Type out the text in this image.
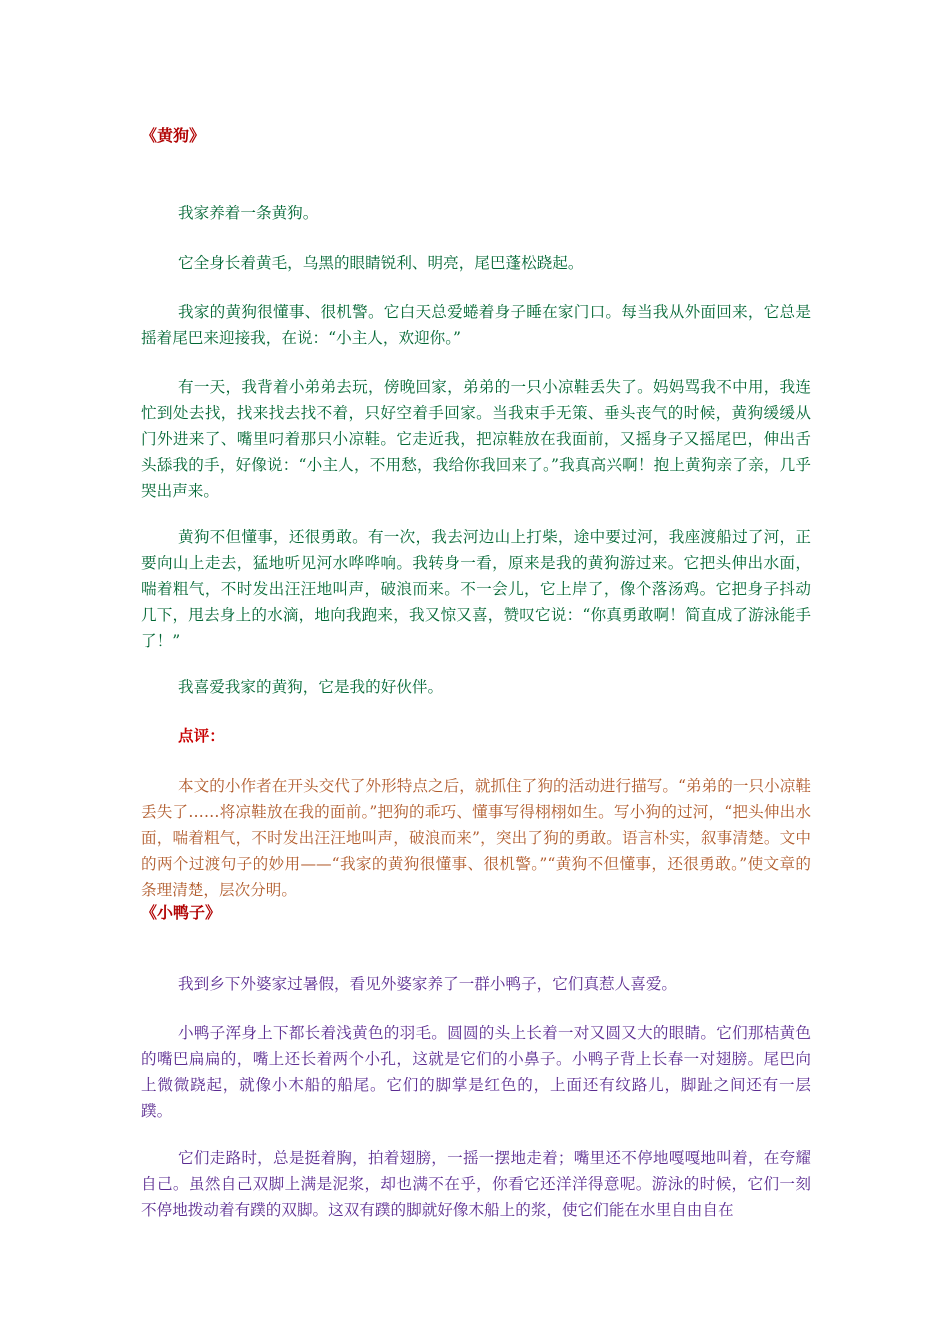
《黄狗》

我家养着一条黄狗。

它全身长着黄毛，乌黑的眼睛锐利、明亮，尾巴蓬松跷起。

我家的黄狗很懂事、很机警。它白天总爱蜷着身子睡在家门口。每当我从外面回来，它总是摇着尾巴来迎接我，在说：“小主人，欢迎你。”

有一天，我背着小弟弟去玩，傍晚回家，弟弟的一只小凉鞋丢失了。妈妈骂我不中用，我连忙到处去找，找来找去找不着，只好空着手回家。当我束手无策、垂头丧气的时候，黄狗缓缓从门外进来了、嘴里叼着那只小凉鞋。它走近我，把凉鞋放在我面前，又摇身子又摇尾巴，伸出舌头舔我的手，好像说：“小主人，不用愁，我给你我回来了。”我真高兴啊！抱上黄狗亲了亲，几乎哭出声来。

黄狗不但懂事，还很勇敢。有一次，我去河边山上打柴，途中要过河，我座渡船过了河，正要向山上走去，猛地听见河水哗哗响。我转身一看，原来是我的黄狗游过来。它把头伸出水面，喘着粗气，不时发出汪汪地叫声，破浪而来。不一会儿，它上岸了，像个落汤鸡。它把身子抖动几下，甩去身上的水滴，地向我跑来，我又惊又喜，赞叹它说：“你真勇敢啊！简直成了游泳能手了！”

我喜爱我家的黄狗，它是我的好伙伴。

点评：

本文的小作者在开头交代了外形特点之后，就抓住了狗的活动进行描写。“弟弟的一只小凉鞋丢失了……将凉鞋放在我的面前。”把狗的乖巧、懂事写得栩栩如生。写小狗的过河，“把头伸出水面，喘着粗气，不时发出汪汪地叫声，破浪而来”，突出了狗的勇敢。语言朴实，叙事清楚。文中的两个过渡句子的妙用——“我家的黄狗很懂事、很机警。”“黄狗不但懂事，还很勇敢。”使文章的条理清楚，层次分明。

《小鸭子》

我到乡下外婆家过暑假，看见外婆家养了一群小鸭子，它们真惹人喜爱。

小鸭子浑身上下都长着浅黄色的羽毛。圆圆的头上长着一对又圆又大的眼睛。它们那桔黄色的嘴巴扁扁的，嘴上还长着两个小孔，这就是它们的小鼻子。小鸭子背上长春一对翅膀。尾巴向上微微跷起，就像小木船的船尾。它们的脚掌是红色的，上面还有纹路儿，脚趾之间还有一层蹼。

它们走路时，总是挺着胸，拍着翅膀，一摇一摆地走着；嘴里还不停地嘎嘎地叫着，在夸耀自己。虽然自己双脚上满是泥浆，却也满不在乎，你看它还洋洋得意呢。游泳的时候，它们一刻不停地拨动着有蹼的双脚。这双有蹼的脚就好像木船上的浆，使它们能在水里自由自在
